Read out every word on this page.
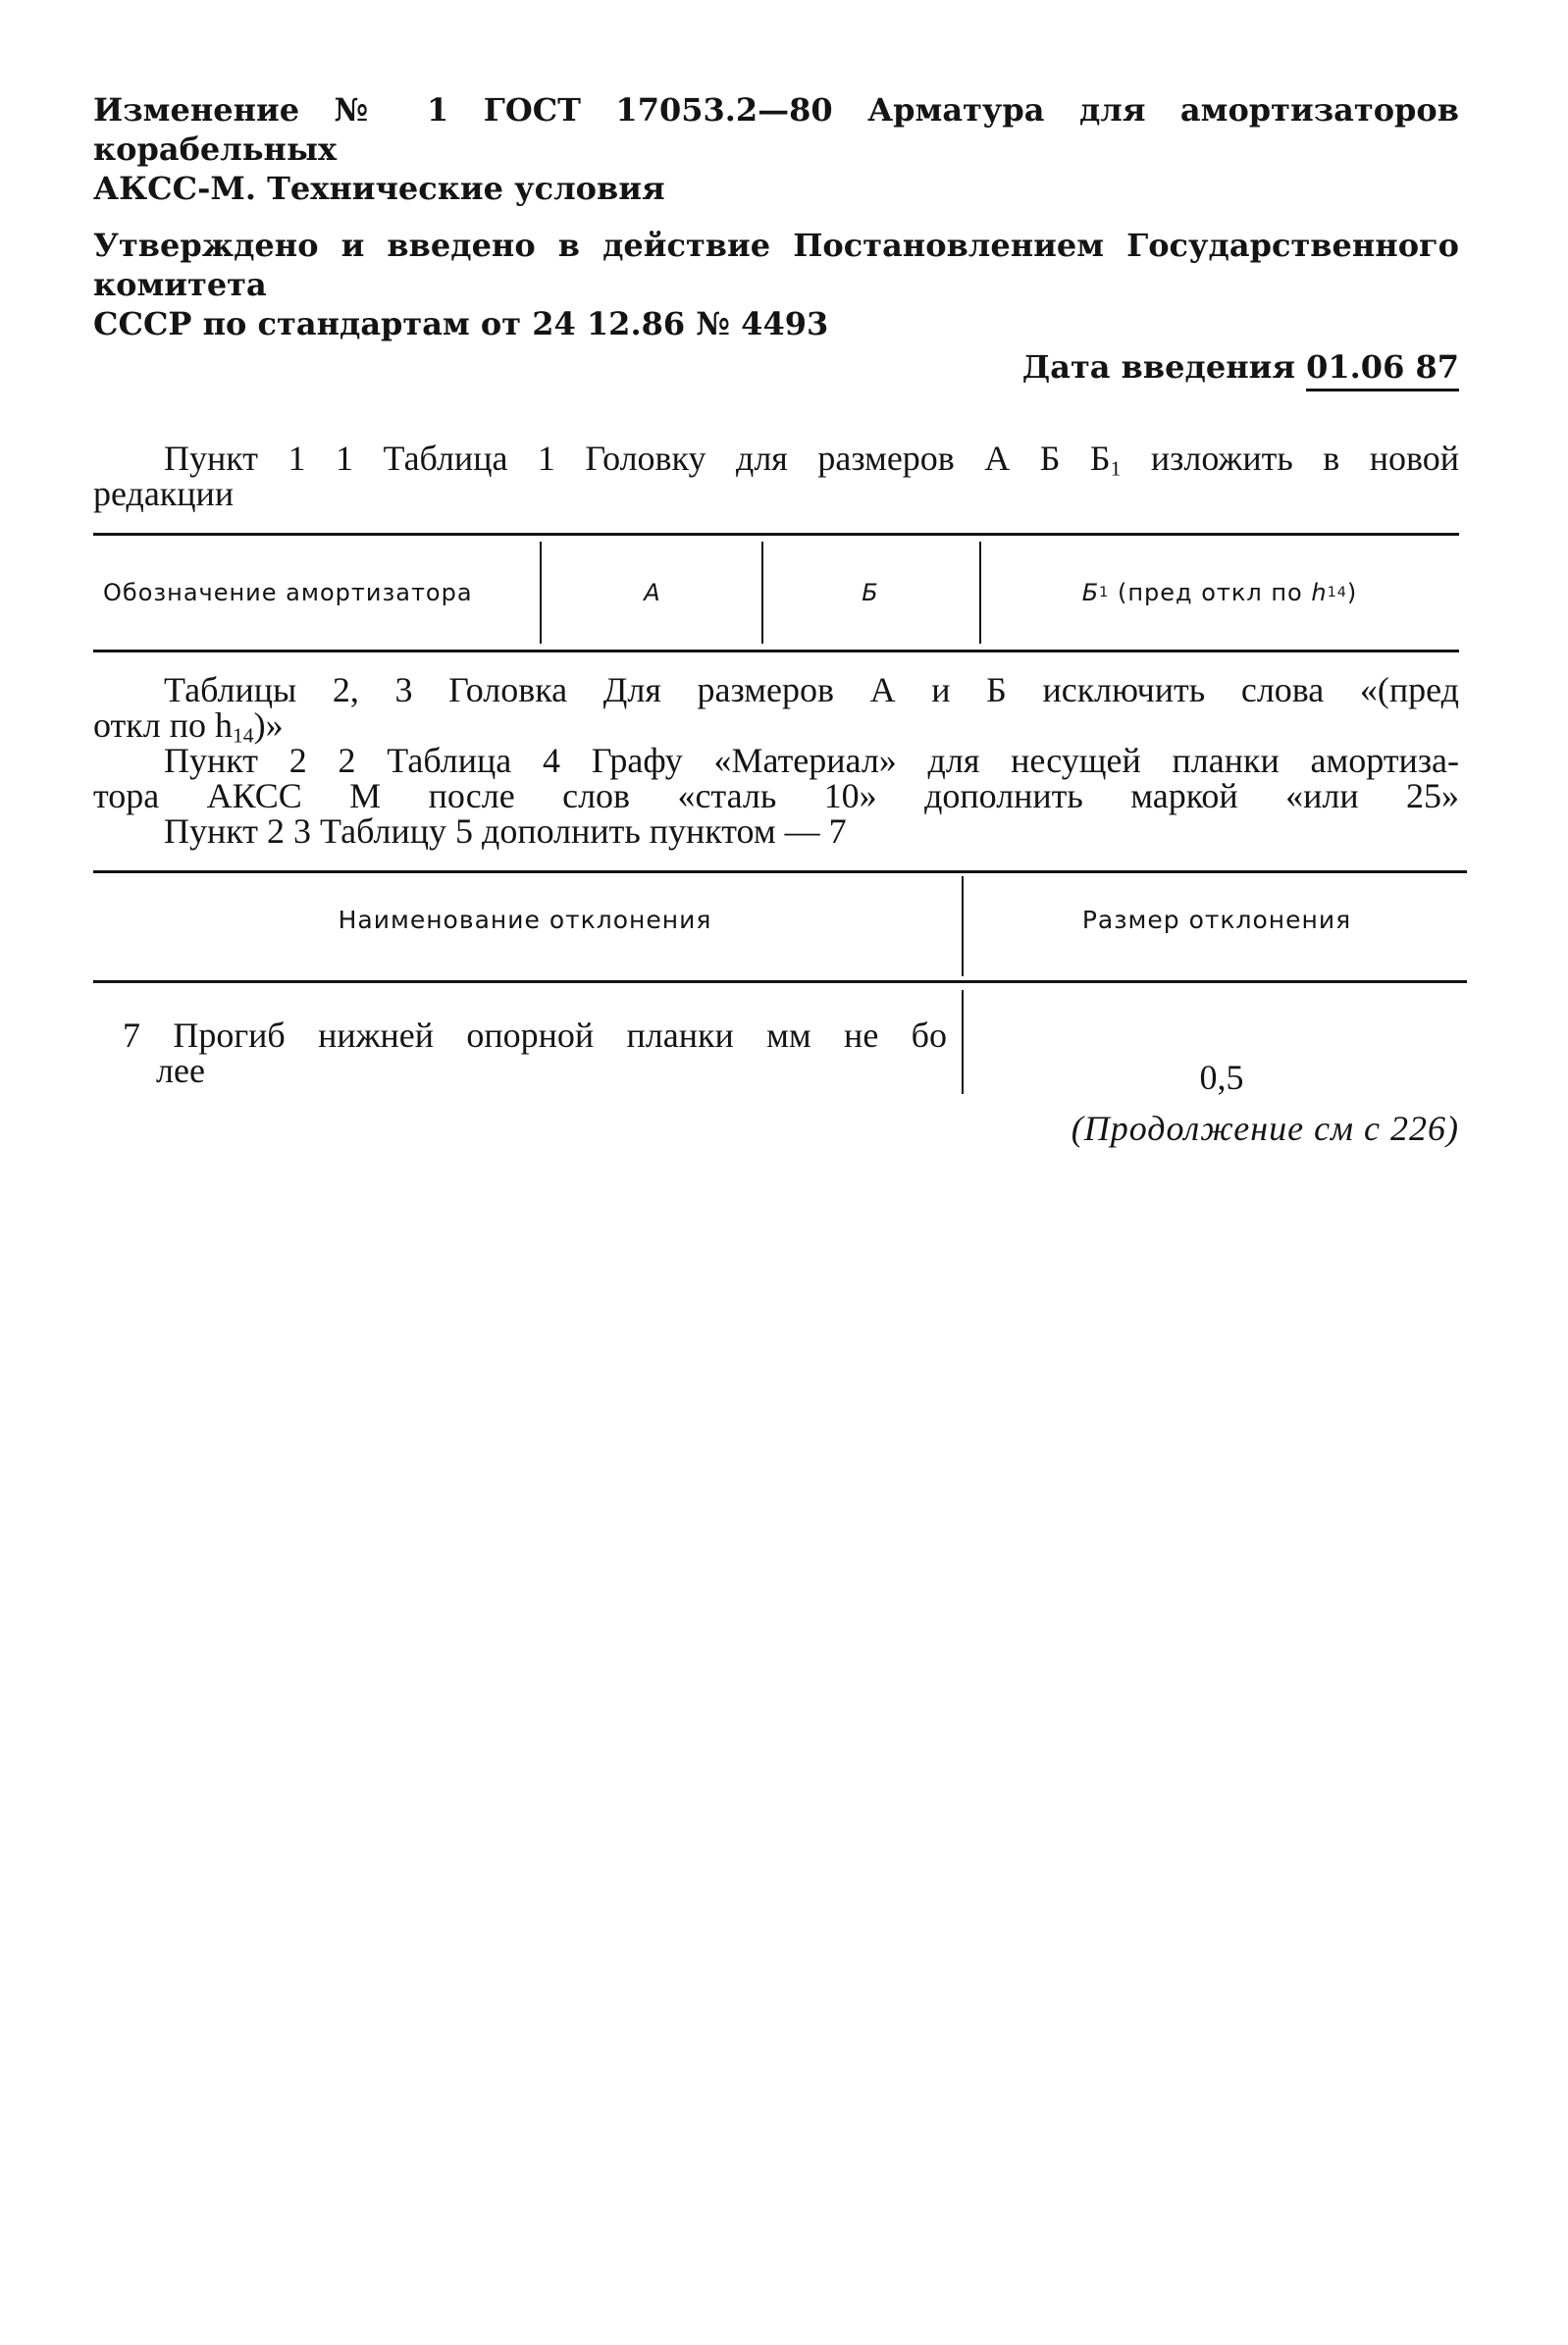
Изменение № 1 ГОСТ 17053.2—80 Арматура для амортизаторов корабельных
АКСС-М. Технические условия
Утверждено и введено в действие Постановлением Государственного комитета
СССР по стандартам от 24 12.86 № 4493
Дата введения 01.06 87
Пункт 1 1 Таблица 1 Головку для размеров А Б $Б_1$ изложить в новой
редакции
Обозначение амортизатора	А	Б	Б 1 (пред откл по h 14 )
Таблицы 2, 3 Головка Для размеров А и Б исключить слова «(пред
откл по $h_{14}$)»
Пункт 2 2 Таблица 4 Графу «Материал» для несущей планки амортиза-
тора АКСС М после слов «сталь 10» дополнить маркой «или 25»
Пункт 2 3 Таблицу 5 дополнить пунктом — 7
Наименование отклонения	Размер отклонения
7 Прогиб нижней опорной планки мм не бо
лее	0,5
(Продолжение см с 226)
